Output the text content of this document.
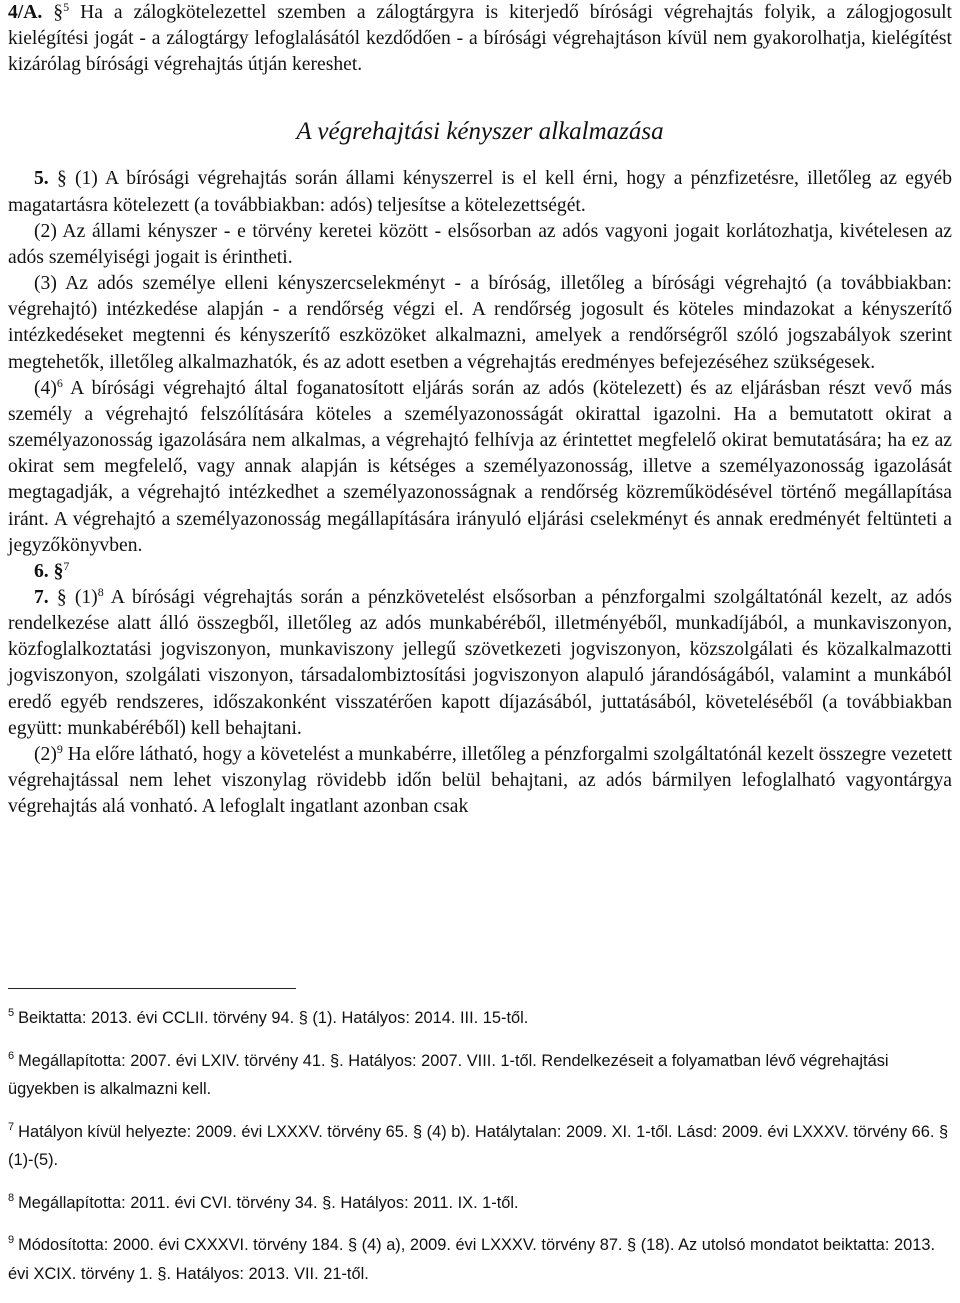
4/A. §$^5$ Ha a zálogkötelezettel szemben a zálogtárgyra is kiterjedő bírósági végrehajtás folyik, a zálogjogosult kielégítési jogát - a zálogtárgy lefoglalásától kezdődően - a bírósági végrehajtáson kívül nem gyakorolhatja, kielégítést kizárólag bírósági végrehajtás útján kereshet.

A végrehajtási kényszer alkalmazása

5. § (1) A bírósági végrehajtás során állami kényszerrel is el kell érni, hogy a pénzfizetésre, illetőleg az egyéb magatartásra kötelezett (a továbbiakban: adós) teljesítse a kötelezettségét.

(2) Az állami kényszer - e törvény keretei között - elsősorban az adós vagyoni jogait korlátozhatja, kivételesen az adós személyiségi jogait is érintheti.

(3) Az adós személye elleni kényszercselekményt - a bíróság, illetőleg a bírósági végrehajtó (a továbbiakban: végrehajtó) intézkedése alapján - a rendőrség végzi el. A rendőrség jogosult és köteles mindazokat a kényszerítő intézkedéseket megtenni és kényszerítő eszközöket alkalmazni, amelyek a rendőrségről szóló jogszabályok szerint megtehetők, illetőleg alkalmazhatók, és az adott esetben a végrehajtás eredményes befejezéséhez szükségesek.

$(4)^6$ A bírósági végrehajtó által foganatosított eljárás során az adós (kötelezett) és az eljárásban részt vevő más személy a végrehajtó felszólítására köteles a személyazonosságát okirattal igazolni. Ha a bemutatott okirat a személyazonosság igazolására nem alkalmas, a végrehajtó felhívja az érintettet megfelelő okirat bemutatására; ha ez az okirat sem megfelelő, vagy annak alapján is kétséges a személyazonosság, illetve a személyazonosság igazolását megtagadják, a végrehajtó intézkedhet a személyazonosságnak a rendőrség közreműködésével történő megállapítása iránt. A végrehajtó a személyazonosság megállapítására irányuló eljárási cselekményt és annak eredményét feltünteti a jegyzőkönyvben.

6. §$^7$

7. § $(1)^8$ A bírósági végrehajtás során a pénzkövetelést elsősorban a pénzforgalmi szolgáltatónál kezelt, az adós rendelkezése alatt álló összegből, illetőleg az adós munkabéréből, illetményéből, munkadíjából, a munkaviszonyon, közfoglalkoztatási jogviszonyon, munkaviszony jellegű szövetkezeti jogviszonyon, közszolgálati és közalkalmazotti jogviszonyon, szolgálati viszonyon, társadalombiztosítási jogviszonyon alapuló járandóságából, valamint a munkából eredő egyéb rendszeres, időszakonként visszatérően kapott díjazásából, juttatásából, követeléséből (a továbbiakban együtt: munkabéréből) kell behajtani.

$(2)^9$ Ha előre látható, hogy a követelést a munkabérre, illetőleg a pénzforgalmi szolgáltatónál kezelt összegre vezetett végrehajtással nem lehet viszonylag rövidebb időn belül behajtani, az adós bármilyen lefoglalható vagyontárgya végrehajtás alá vonható. A lefoglalt ingatlant azonban csak

$^5$ Beiktatta: 2013. évi CCLII. törvény 94. § (1). Hatályos: 2014. III. 15-től.

$^6$ Megállapította: 2007. évi LXIV. törvény 41. §. Hatályos: 2007. VIII. 1-től. Rendelkezéseit a folyamatban lévő végrehajtási ügyekben is alkalmazni kell.

$^7$ Hatályon kívül helyezte: 2009. évi LXXXV. törvény 65. § (4) b). Hatálytalan: 2009. XI. 1-től. Lásd: 2009. évi LXXXV. törvény 66. § (1)-(5).

$^8$ Megállapította: 2011. évi CVI. törvény 34. §. Hatályos: 2011. IX. 1-től.

$^9$ Módosította: 2000. évi CXXXVI. törvény 184. § (4) a), 2009. évi LXXXV. törvény 87. § (18). Az utolsó mondatot beiktatta: 2013. évi XCIX. törvény 1. §. Hatályos: 2013. VII. 21-től.
